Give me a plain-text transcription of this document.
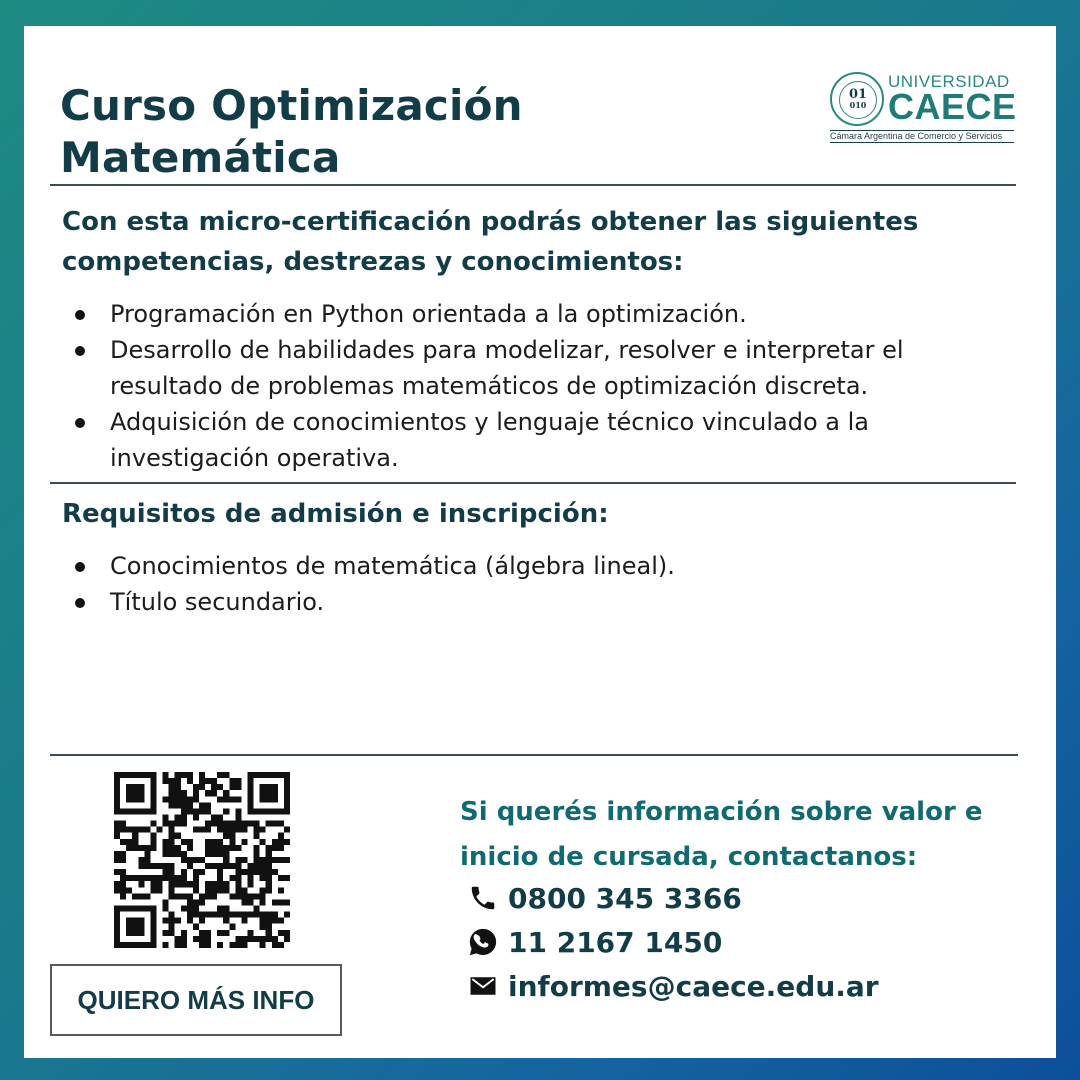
Curso Optimización
Matemática
01
010
UNIVERSIDAD
CAECE
Cámara Argentina de Comercio y Servicios
Con esta micro-certificación podrás obtener las siguientes
competencias, destrezas y conocimientos:
Programación en Python orientada a la optimización.
Desarrollo de habilidades para modelizar, resolver e interpretar el
resultado de problemas matemáticos de optimización discreta.
Adquisición de conocimientos y lenguaje técnico vinculado a la
investigación operativa.
Requisitos de admisión e inscripción:
Conocimientos de matemática (álgebra lineal).
Título secundario.
QUIERO MÁS INFO
Si querés información sobre valor e
inicio de cursada, contactanos:
0800 345 3366
11 2167 1450
informes@caece.edu.ar
